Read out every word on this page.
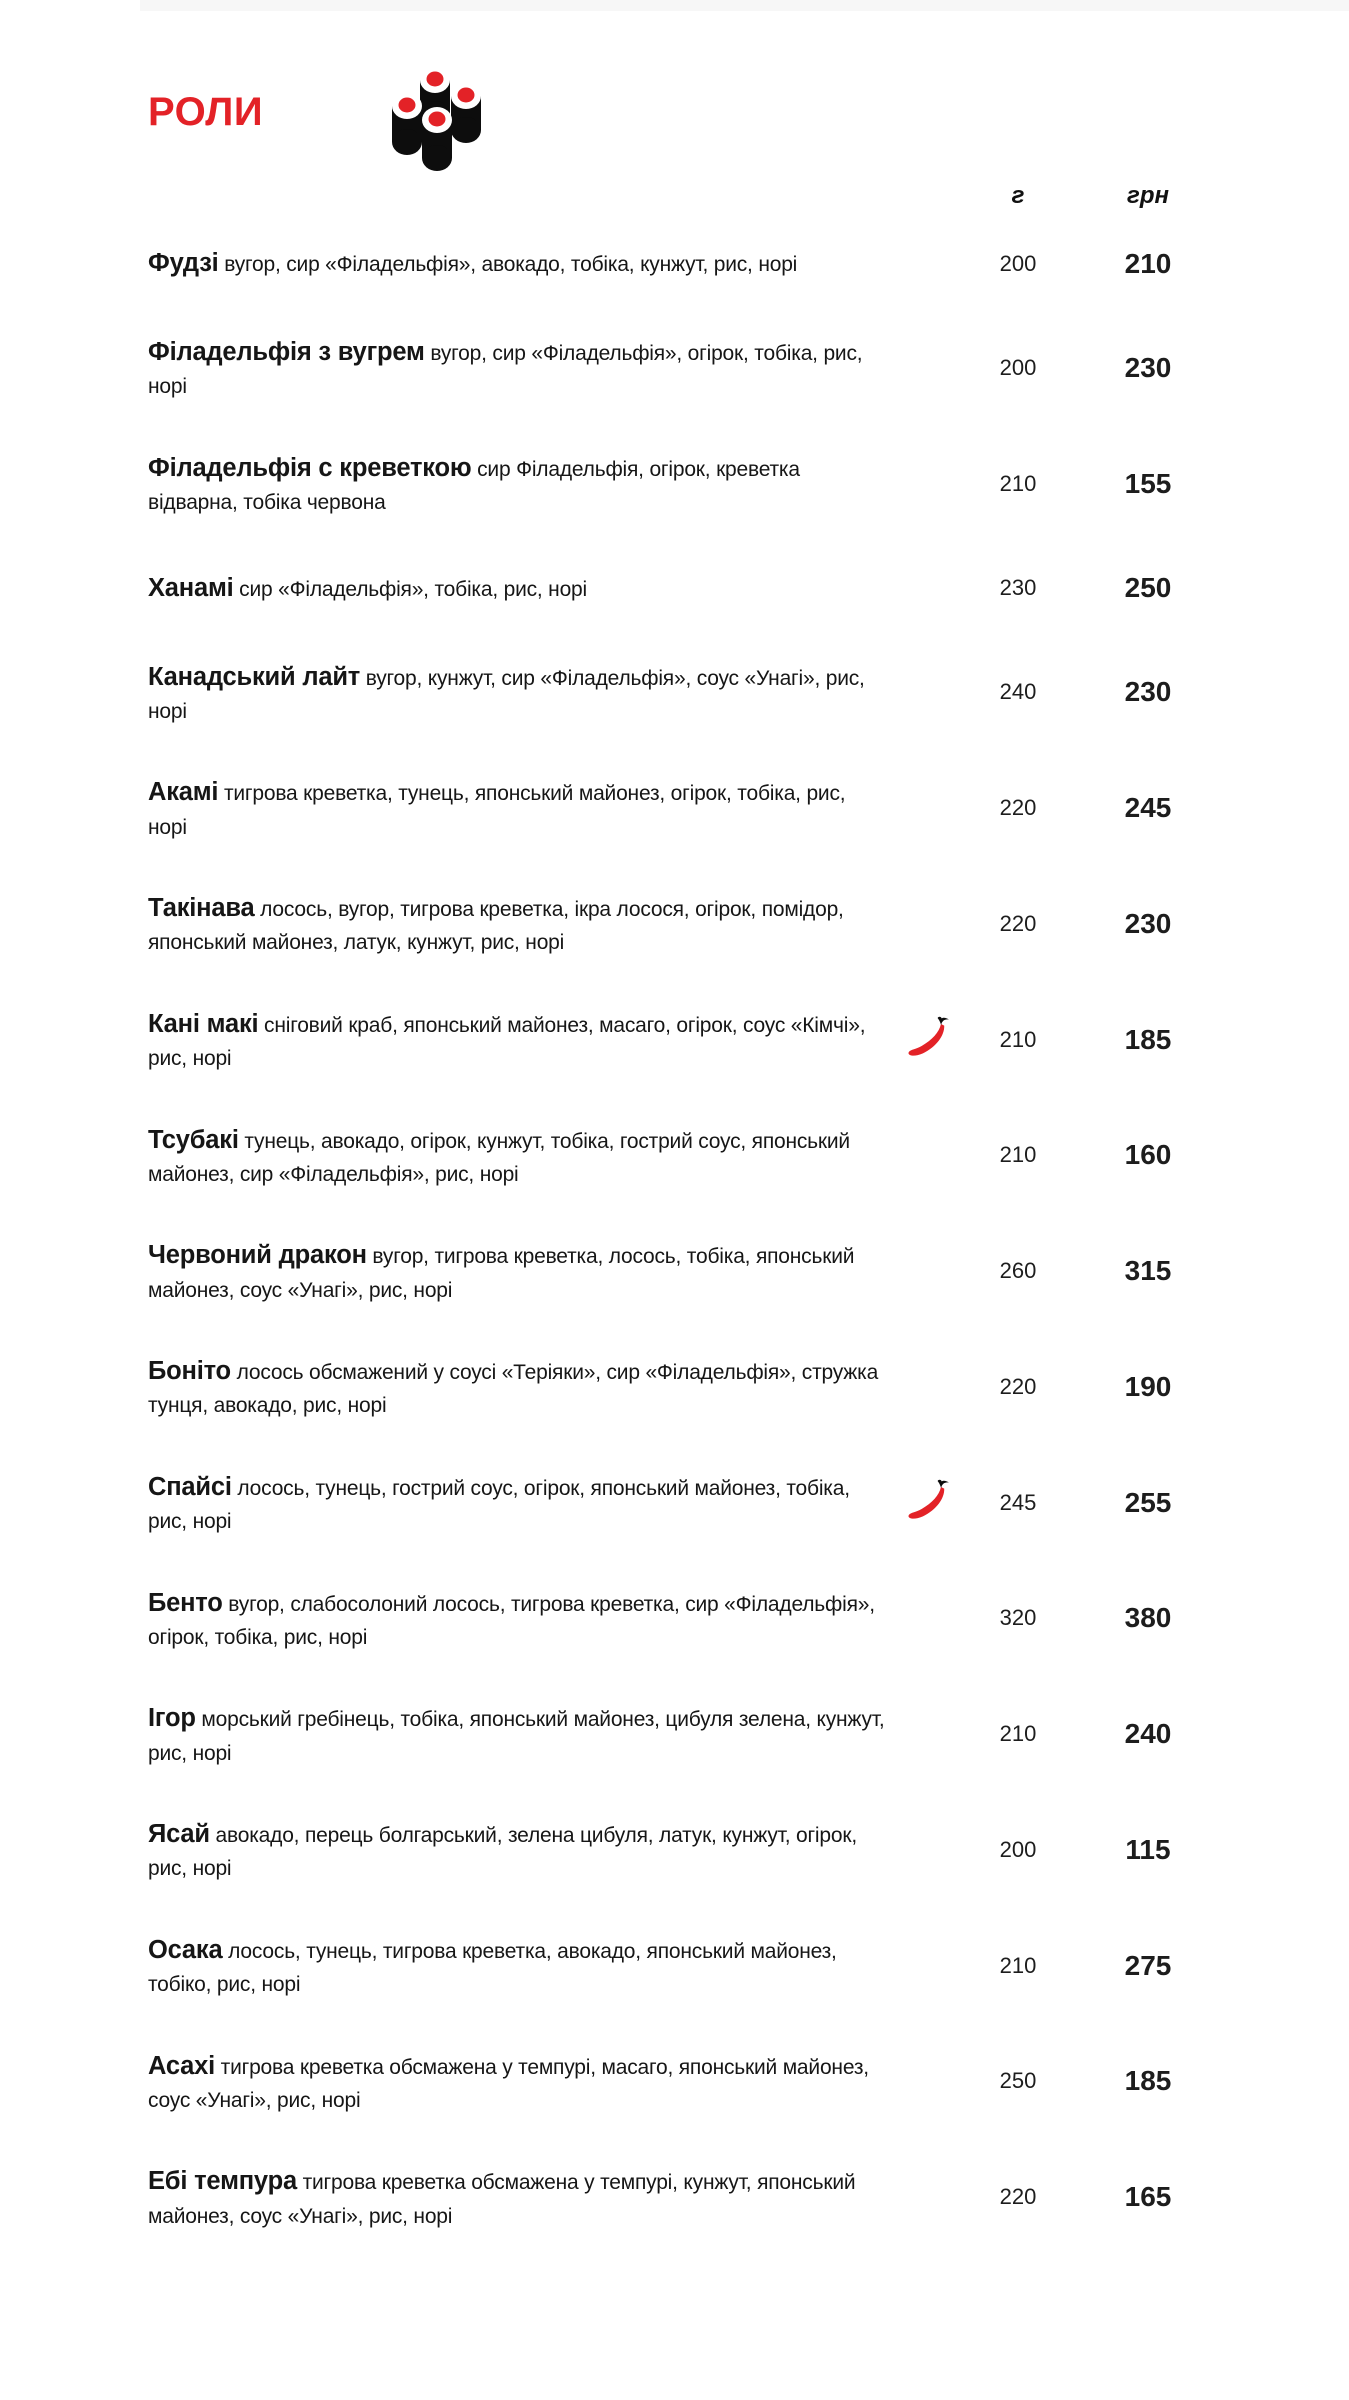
РОЛИ
г	грн
Фудзі вугор, сир «Філадельфія», авокадо, тобіка, кунжут, рис, норі	200	210
Філадельфія з вугрем вугор, сир «Філадельфія», огірок, тобіка, рис, норі
200	230
Філадельфія с креветкою сир Філадельфія, огірок, креветка відварна, тобіка червона
210	155
Ханамі сир «Філадельфія», тобіка, рис, норі	230	250
Канадський лайт вугор, кунжут, сир «Філадельфія», соус «Унагі», рис, норі
240	230
Акамі тигрова креветка, тунець, японський майонез, огірок, тобіка, рис, норі
220	245
Такінава лосось, вугор, тигрова креветка, ікра лосося, огірок, помідор, японський майонез, латук, кунжут, рис, норі
220	230
Кані макі сніговий краб, японський майонез, масаго, огірок, соус «Кімчі», рис, норі
210	185
Тсубакі тунець, авокадо, огірок, кунжут, тобіка, гострий соус, японський майонез, сир «Філадельфія», рис, норі
210	160
Червоний дракон вугор, тигрова креветка, лосось, тобіка, японський майонез, соус «Унагі», рис, норі
260	315
Боніто лосось обсмажений у соусі «Теріяки», сир «Філадельфія», стружка тунця, авокадо, рис, норі
220	190
Спайсі лосось, тунець, гострий соус, огірок, японський майонез, тобіка, рис, норі
245	255
Бенто вугор, слабосолоний лосось, тигрова креветка, сир «Філадельфія», огірок, тобіка, рис, норі
320	380
Ігор морський гребінець, тобіка, японський майонез, цибуля зелена, кунжут, рис, норі
210	240
Ясай авокадо, перець болгарський, зелена цибуля, латук, кунжут, огірок, рис, норі
200	115
Осака лосось, тунець, тигрова креветка, авокадо, японський майонез, тобіко, рис, норі
210	275
Асахі тигрова креветка обсмажена у темпурі, масаго, японський майонез, соус «Унагі», рис, норі
250	185
Ебі темпура тигрова креветка обсмажена у темпурі, кунжут, японський майонез, соус «Унагі», рис, норі
220	165
